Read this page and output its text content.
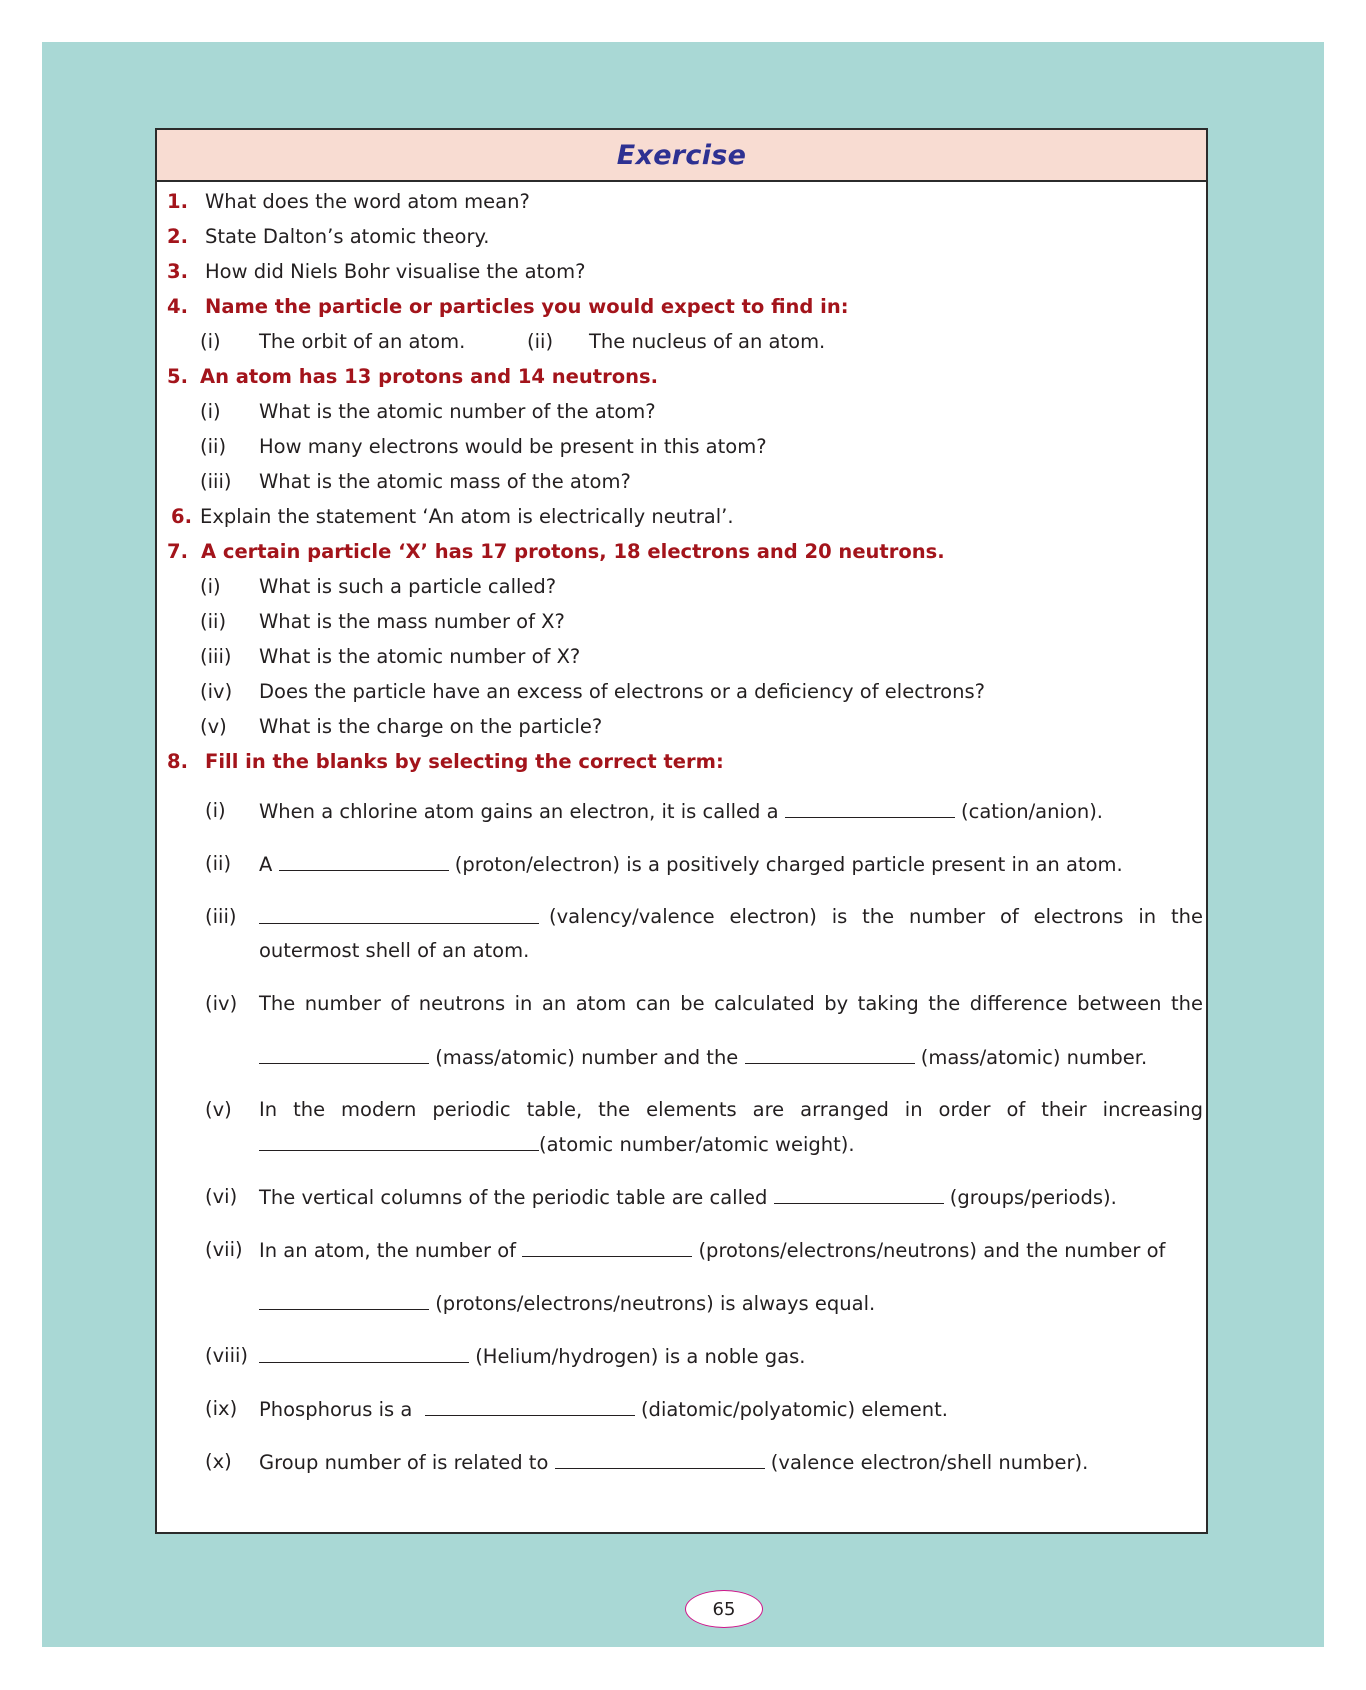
Exercise
1. What does the word atom mean?
2. State Dalton’s atomic theory.
3. How did Niels Bohr visualise the atom?
4. Name the particle or particles you would expect to find in:
(i) The orbit of an atom.	(ii) The nucleus of an atom.
5. An atom has 13 protons and 14 neutrons.
(i) What is the atomic number of the atom?
(ii) How many electrons would be present in this atom?
(iii) What is the atomic mass of the atom?
6. Explain the statement ‘An atom is electrically neutral’.
7. A certain particle ‘X’ has 17 protons, 18 electrons and 20 neutrons.
(i) What is such a particle called?
(ii) What is the mass number of X?
(iii) What is the atomic number of X?
(iv) Does the particle have an excess of electrons or a deficiency of electrons?
(v) What is the charge on the particle?
8. Fill in the blanks by selecting the correct term:
(i) When a chlorine atom gains an electron, it is called a	(cation/anion).
(ii) A	(proton/electron) is a positively charged particle present in an atom.
(iii)	(valency/valence electron) is the number of electrons in the
outermost shell of an atom.
(iv) The number of neutrons in an atom can be calculated by taking the difference between the
(mass/atomic) number and the	(mass/atomic) number.
(v) In the modern periodic table, the elements are arranged in order of their increasing
(atomic number/atomic weight).
(vi) The vertical columns of the periodic table are called	(groups/periods).
(vii) In an atom, the number of	(protons/electrons/neutrons) and the number of
(protons/electrons/neutrons) is always equal.
(viii)	(Helium/hydrogen) is a noble gas.
(ix) Phosphorus is a	(diatomic/polyatomic) element.
(x) Group number of is related to	(valence electron/shell number).
65
